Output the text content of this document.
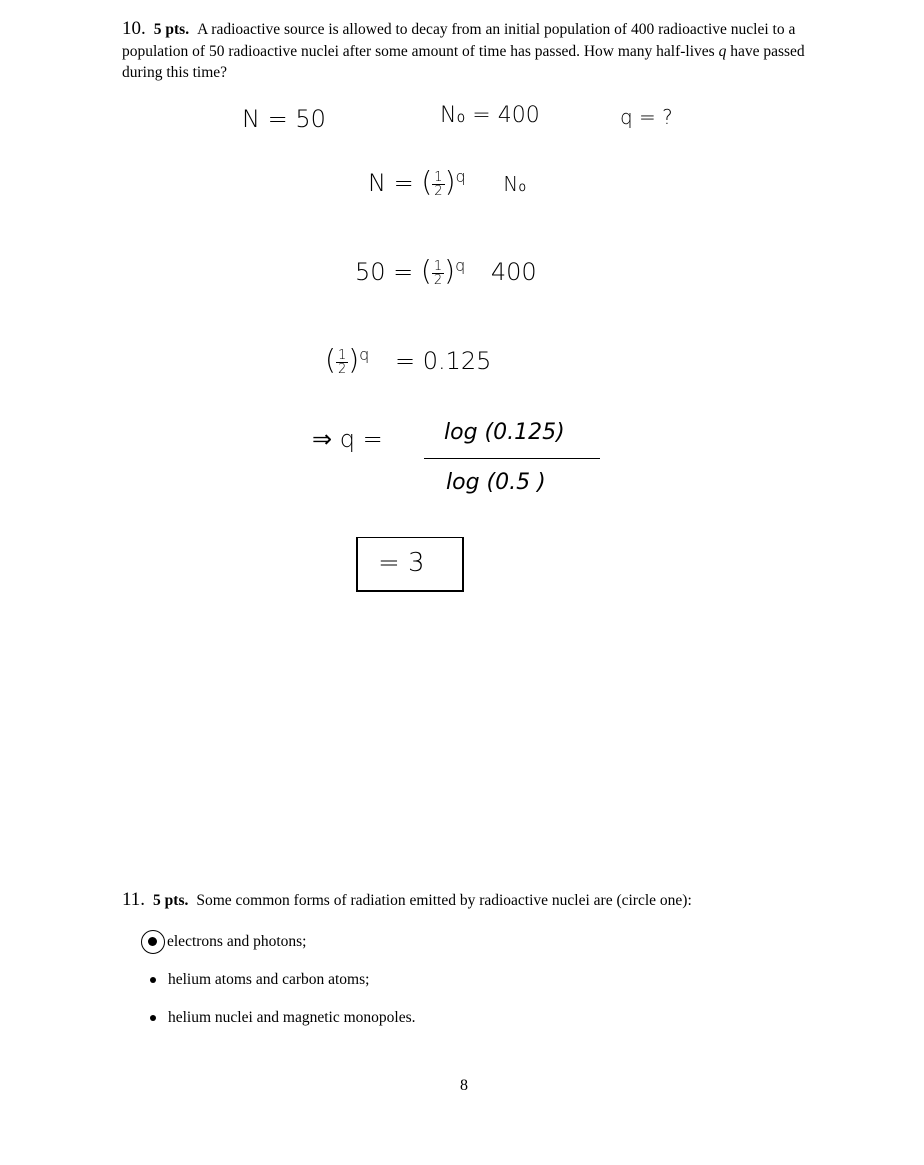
10. 5 pts. A radioactive source is allowed to decay from an initial population of 400 radioactive nuclei to a population of 50 radioactive nuclei after some amount of time has passed. How many half-lives q have passed during this time?
N = 50	N₀ = 400	q = ?
N = ( $\frac{1}{2} )^q$ N₀
50 = ( $\frac{1}{2} )^q$ 400
( $\frac{1}{2} )^q = 0.125$
⇒ q =	log (0.125)
log (0.5 )
= 3
11. 5 pts. Some common forms of radiation emitted by radioactive nuclei are (circle one):
electrons and photons;
helium atoms and carbon atoms;
helium nuclei and magnetic monopoles.
8
